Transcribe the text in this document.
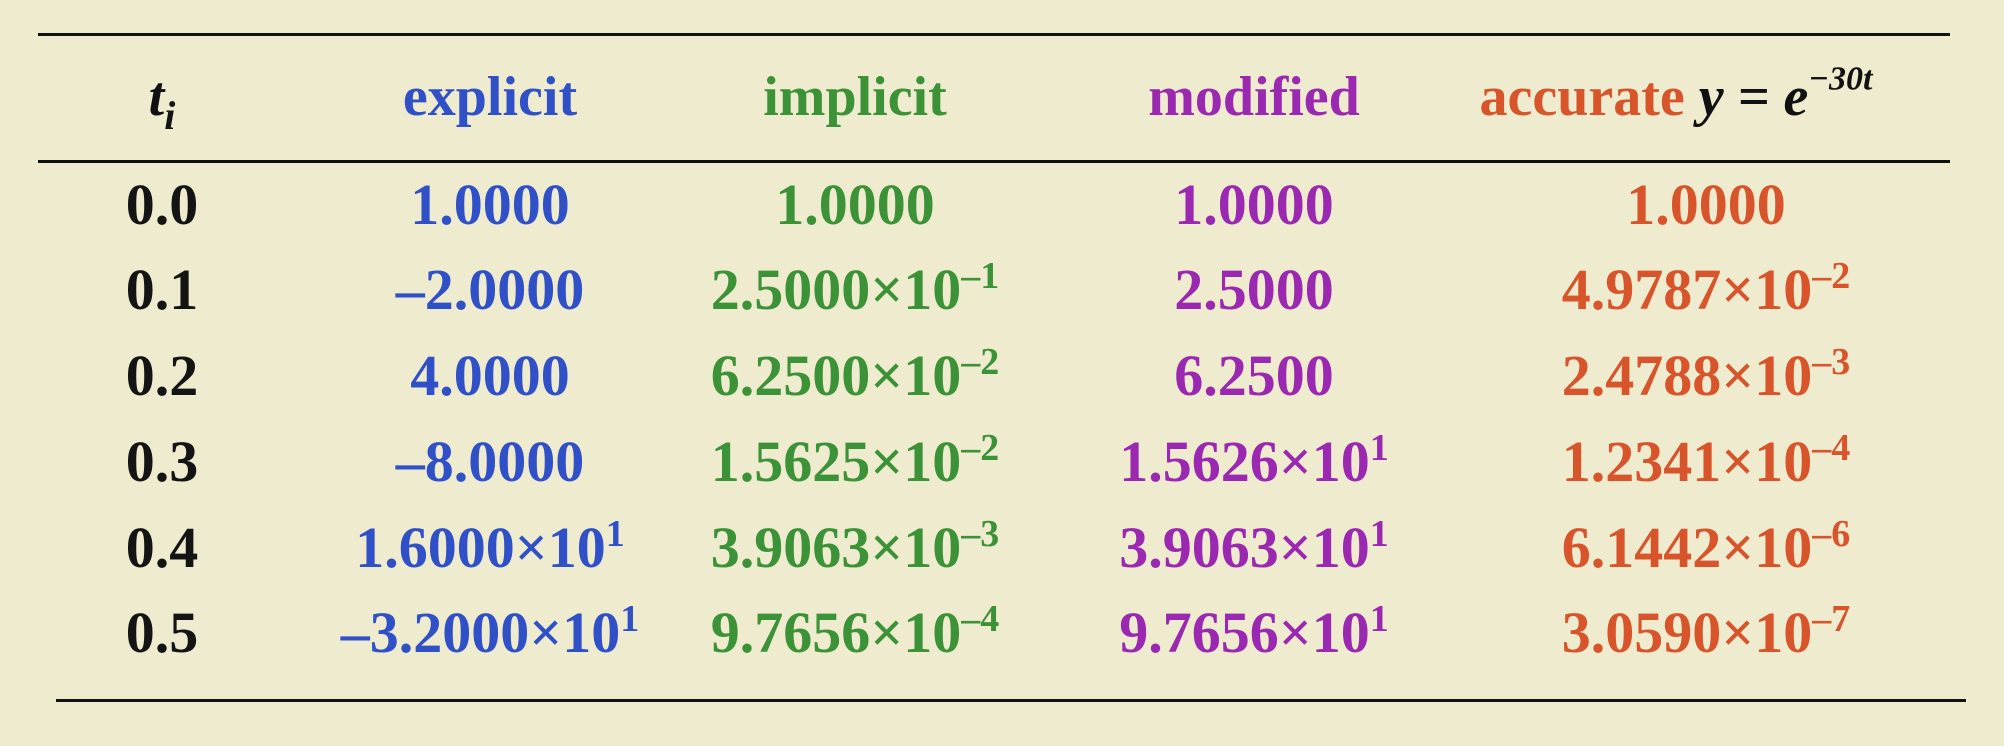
$t_i$	explicit	implicit	modified	accurate $y = e^{-30t}$
0.0	1.0000	1.0000	1.0000	1.0000
0.1	–2.0000	$2.5000\times 10^{-1}$	2.5000	$4.9787\times 10^{-2}$
0.2	4.0000	$6.2500\times 10^{-2}$	6.2500	$2.4788\times 10^{-3}$
0.3	–8.0000	$1.5625\times 10^{-2}$	$1.5626\times 10^1$	$1.2341\times 10^{-4}$
0.4	$1.6000\times 10^1$	$3.9063\times 10^{-3}$	$3.9063\times 10^1$	$6.1442\times 10^{-6}$
0.5	$-3.2000\times 10^1$	$9.7656\times 10^{-4}$	$9.7656\times 10^1$	$3.0590\times 10^{-7}$
